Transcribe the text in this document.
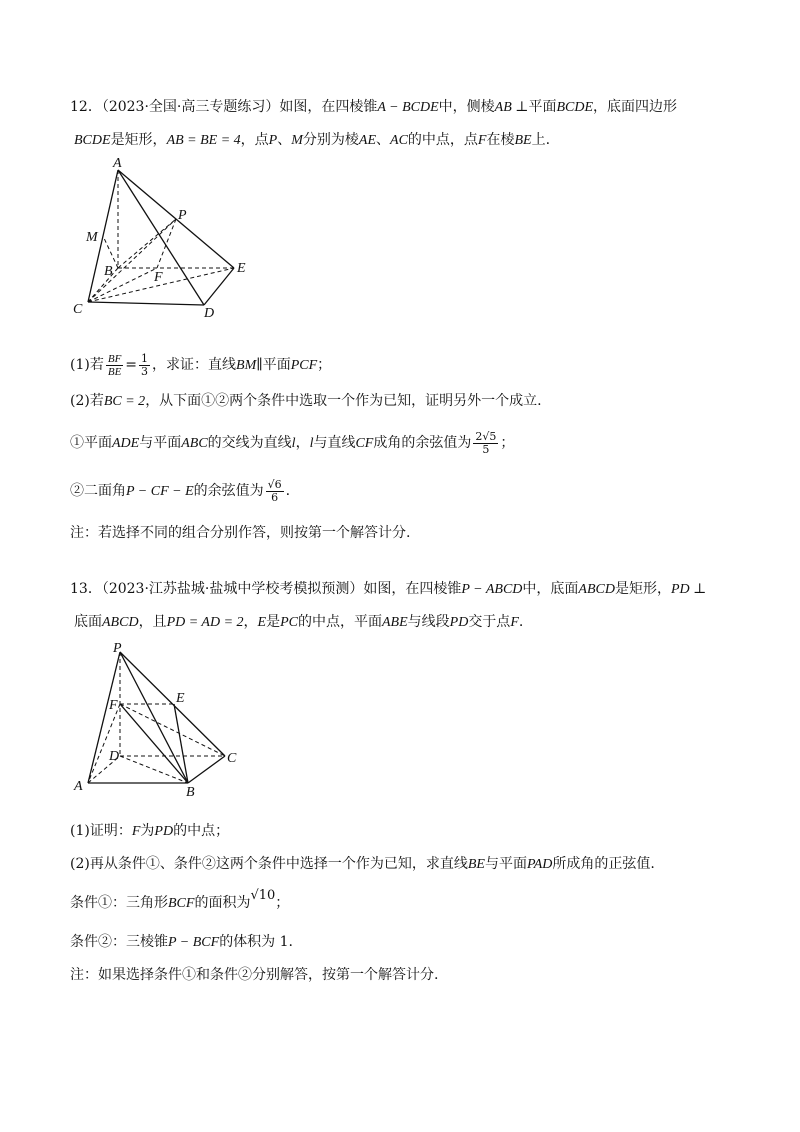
12．（2023·全国·高三专题练习）如图，在四棱锥A − BCDE中，侧棱AB ⊥平面BCDE，底面四边形
BCDE是矩形，AB = BE = 4，点P、M分别为棱AE、AC的中点，点F在棱BE上.
A
P
M
B	F
E
C	D
(1)若 $\frac{BF}{BE} = \frac{1}{3}$ ，求证：直线BM∥平面PCF；
(2)若BC = 2，从下面①②两个条件中选取一个作为已知，证明另外一个成立.
①平面ADE与平面ABC的交线为直线l，l与直线CF成角的余弦值为 $\frac{2√5}{5}$ ；
②二面角P − CF − E的余弦值为 $\frac{√6}{6}$ .
注：若选择不同的组合分别作答，则按第一个解答计分.
13．（2023·江苏盐城·盐城中学校考模拟预测）如图，在四棱锥P − ABCD中，底面ABCD是矩形，PD ⊥
底面ABCD，且PD = AD = 2，E是PC的中点，平面ABE与线段PD交于点F.
P
E
F
D	C
A	B
(1)证明：F为PD的中点；
(2)再从条件①、条件②这两个条件中选择一个作为已知，求直线BE与平面PAD所成角的正弦值.
条件①：三角形BCF的面积为√10；
条件②：三棱锥P − BCF的体积为 1.
注：如果选择条件①和条件②分别解答，按第一个解答计分.
